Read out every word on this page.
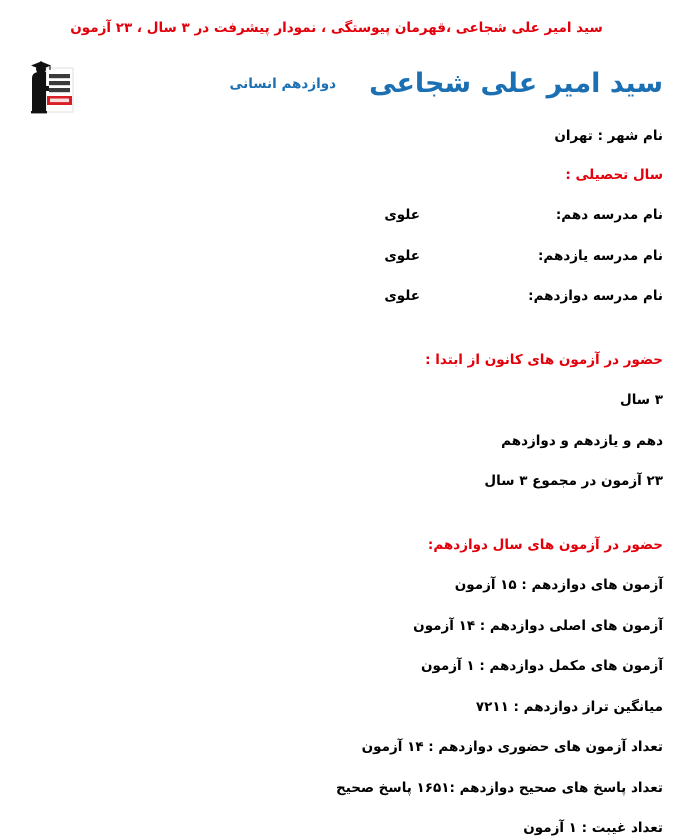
سید امیر علی شجاعی ،قهرمان پیوستگی ، نمودار پیشرفت در ۳ سال ، ۲۳ آزمون
سید امیر علی شجاعی $^{دوازدهم انسانی}$
نام شهر : تهران
سال تحصیلی :
نام مدرسه دهم:
علوی
نام مدرسه یازدهم:
علوی
نام مدرسه دوازدهم:
علوی
حضور در آزمون های کانون از ابتدا :
۳ سال
دهم و یازدهم و دوازدهم
۲۳ آزمون در مجموع ۳ سال
حضور در آزمون های سال دوازدهم:
آزمون های دوازدهم : ۱۵ آزمون
آزمون های اصلی دوازدهم : ۱۴ آزمون
آزمون های مکمل دوازدهم : ۱ آزمون
میانگین تراز دوازدهم : ۷۲۱۱
تعداد آزمون های حضوری دوازدهم : ۱۴ آزمون
تعداد پاسخ های صحیح دوازدهم :۱۶۵۱ پاسخ صحیح
تعداد غیبت : ۱ آزمون
